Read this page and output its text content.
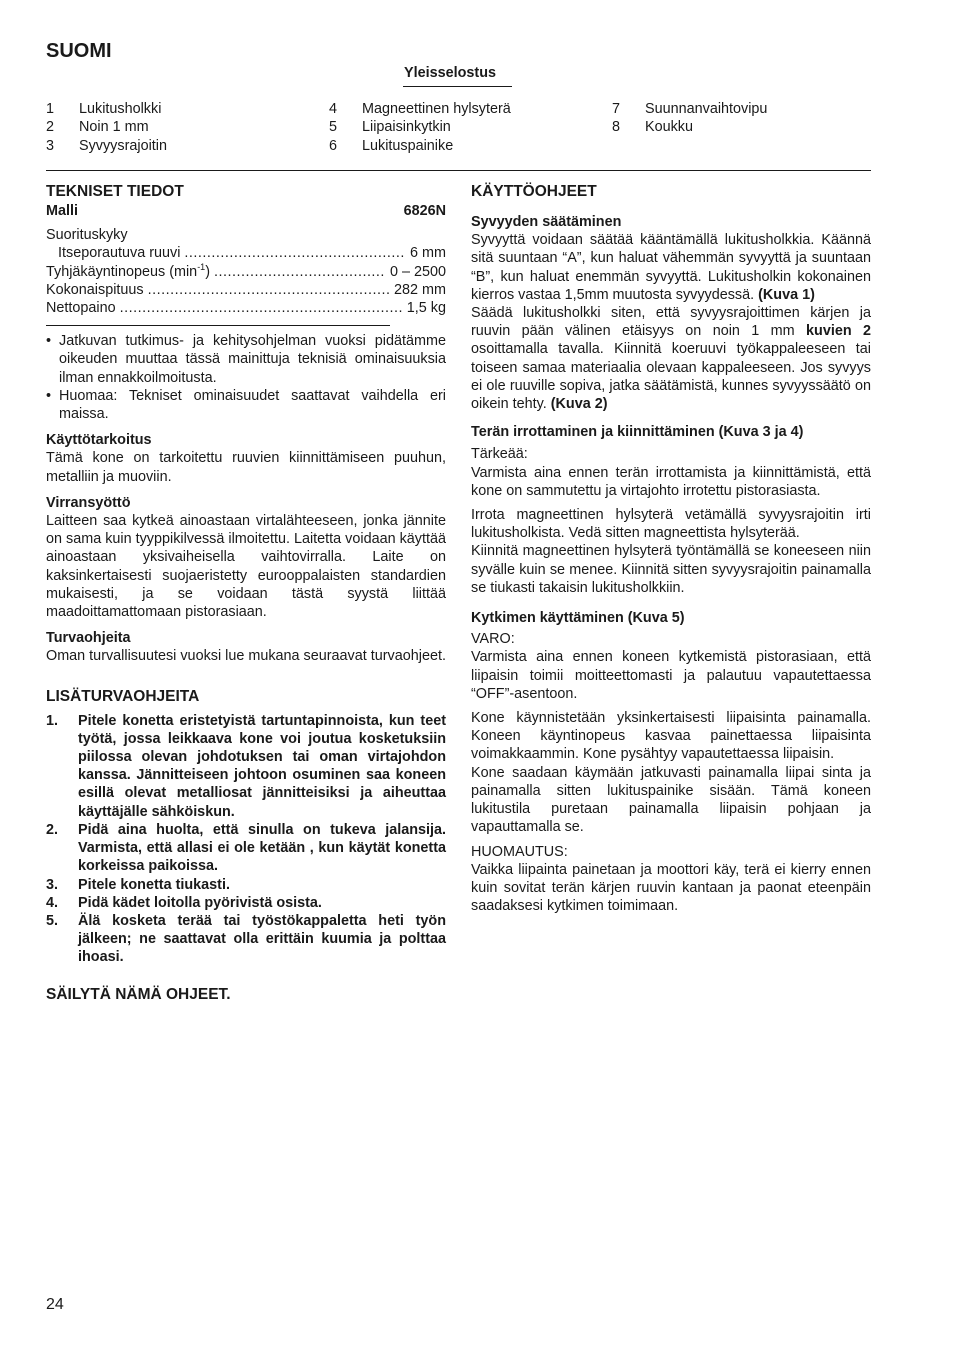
SUOMI
Yleisselostus
1 Lukitusholkki
2 Noin 1 mm
3 Syvyysrajoitin
4 Magneettinen hylsyterä
5 Liipaisinkytkin
6 Lukituspainike
7 Suunnanvaihtovipu
8 Koukku
TEKNISET TIEDOT
Malli	6826N
Suorituskyky
Itseporautuva ruuvi .....	6 mm
Tyhjäkäyntinopeus $(\min^{-1})$ .....	0 – 2500
Kokonaispituus .....	282 mm
Nettopaino .....	1,5 kg
• Jatkuvan tutkimus- ja kehitysohjelman vuoksi pidätämme oikeuden muuttaa tässä mainittuja teknisiä ominaisuuksia ilman ennakkoilmoitusta.
• Huomaa: Tekniset ominaisuudet saattavat vaihdella eri maissa.
Käyttötarkoitus

Tämä kone on tarkoitettu ruuvien kiinnittämiseen puuhun, metalliin ja muoviin.

Virransyöttö

Laitteen saa kytkeä ainoastaan virtalähteeseen, jonka jännite on sama kuin tyyppikilvessä ilmoitettu. Laitetta voidaan käyttää ainoastaan yksivaiheisella vaihtovirralla. Laite on kaksinkertaisesti suojaeristetty eurooppalaisten standardien mukaisesti, ja se voidaan tästä syystä liittää maadoittamattomaan pistorasiaan.

Turvaohjeita

Oman turvallisuutesi vuoksi lue mukana seuraavat turvaohjeet.

LISÄTURVAOHJEITA
1.	Pitele konetta eristetyistä tartuntapinnoista, kun teet työtä, jossa leikkaava kone voi joutua kosketuksiin piilossa olevan johdotuksen tai oman virtajohdon kanssa. Jännitteiseen johtoon osuminen saa koneen esillä olevat metalliosat jännitteisiksi ja aiheuttaa käyttäjälle sähköiskun.
2.	Pidä aina huolta, että sinulla on tukeva jalansija. Varmista, että allasi ei ole ketään , kun käytät konetta korkeissa paikoissa.
3.	Pitele konetta tiukasti.
4.	Pidä kädet loitolla pyörivistä osista.
5.	Älä kosketa terää tai työstökappaletta heti työn jälkeen; ne saattavat olla erittäin kuumia ja polttaa ihoasi.
SÄILYTÄ NÄMÄ OHJEET.
KÄYTTÖOHJEET
Syvyyden säätäminen

Syvyyttä voidaan säätää kääntämällä lukitusholkkia. Käännä sitä suuntaan “A”, kun haluat vähemmän syvyyttä ja suuntaan “B”, kun haluat enemmän syvyyttä. Lukitusholkin kokonainen kierros vastaa 1,5mm muutosta syvyydessä. (Kuva 1)

Säädä lukitusholkki siten, että syvyysrajoittimen kärjen ja ruuvin pään välinen etäisyys on noin 1 mm kuvien 2 osoittamalla tavalla. Kiinnitä koeruuvi työkappaleeseen tai toiseen samaa materiaalia olevaan kappaleeseen. Jos syvyys ei ole ruuville sopiva, jatka säätämistä, kunnes syvyyssäätö on oikein tehty. (Kuva 2)

Terän irrottaminen ja kiinnittäminen (Kuva 3 ja 4)

Tärkeää:

Varmista aina ennen terän irrottamista ja kiinnittämistä, että kone on sammutettu ja virtajohto irrotettu pistorasiasta.

Irrota magneettinen hylsyterä vetämällä syvyysrajoitin irti lukitusholkista. Vedä sitten magneettista hylsyterää.

Kiinnitä magneettinen hylsyterä työntämällä se koneeseen niin syvälle kuin se menee. Kiinnitä sitten syvyysrajoitin painamalla se tiukasti takaisin lukitusholkkiin.

Kytkimen käyttäminen (Kuva 5)

VARO:

Varmista aina ennen koneen kytkemistä pistorasiaan, että liipaisin toimii moitteettomasti ja palautuu vapautettaessa “OFF”-asentoon.

Kone käynnistetään yksinkertaisesti liipaisinta painamalla. Koneen käyntinopeus kasvaa painettaessa liipaisinta voimakkaammin. Kone pysähtyy vapautettaessa liipaisin.

Kone saadaan käymään jatkuvasti painamalla liipai sinta ja painamalla sitten lukituspainike sisään. Tämä koneen lukitustila puretaan painamalla liipaisin pohjaan ja vapauttamalla se.

HUOMAUTUS:

Vaikka liipainta painetaan ja moottori käy, terä ei kierry ennen kuin sovitat terän kärjen ruuvin kantaan ja paonat eteenpäin saadaksesi kytkimen toimimaan.

24
